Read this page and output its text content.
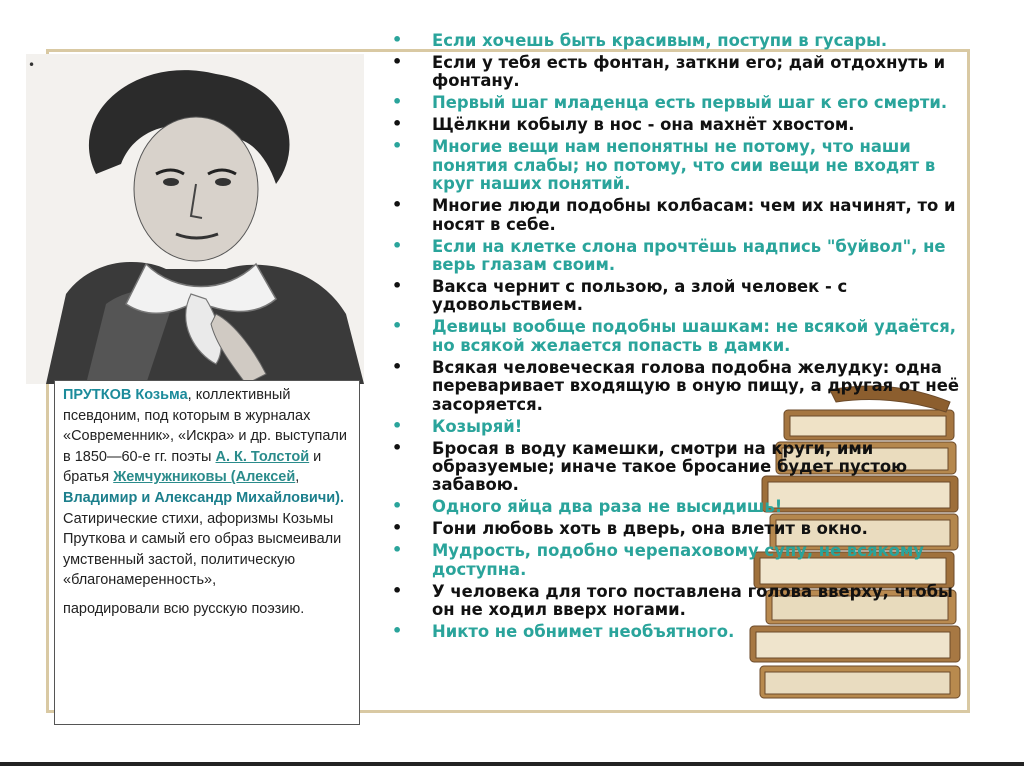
•
• Если хочешь быть красивым, поступи в гусары.
• Если у тебя есть фонтан, заткни его; дай отдохнуть и фонтану.
• Первый шаг младенца есть первый шаг к его смерти.
• Щёлкни кобылу в нос - она махнёт хвостом.
• Многие вещи нам непонятны не потому, что наши понятия слабы; но потому, что сии вещи не входят в круг наших понятий.
• Многие люди подобны колбасам: чем их начинят, то и носят в себе.
• Если на клетке слона прочтёшь надпись "буйвол", не верь глазам своим.
• Вакса чернит с пользою, а злой человек - с удовольствием.
• Девицы вообще подобны шашкам: не всякой удаётся, но всякой желается попасть в дамки.
• Всякая человеческая голова подобна желудку: одна переваривает входящую в оную пищу, а другая от неё засоряется.
• Козыряй!
• Бросая в воду камешки, смотри на круги, ими образуемые; иначе такое бросание будет пустою забавою.
• Одного яйца два раза не высидишь!
• Гони любовь хоть в дверь, она влетит в окно.
• Мудрость, подобно черепаховому супу, не всякому доступна.
• У человека для того поставлена голова вверху, чтобы он не ходил вверх ногами.
• Никто не обнимет необъятного.
ПРУТКОВ Козьма, коллективный псевдоним, под которым в журналах «Современник», «Искра» и др. выступали в 1850—60-е гг. поэты А. К. Толстой и братья Жемчужниковы (Алексей, Владимир и Александр Михайловичи).
Сатирические стихи, афоризмы Козьмы Пруткова и самый его образ высмеивали умственный застой, политическую «благонамеренность»,
пародировали всю русскую поэзию.
